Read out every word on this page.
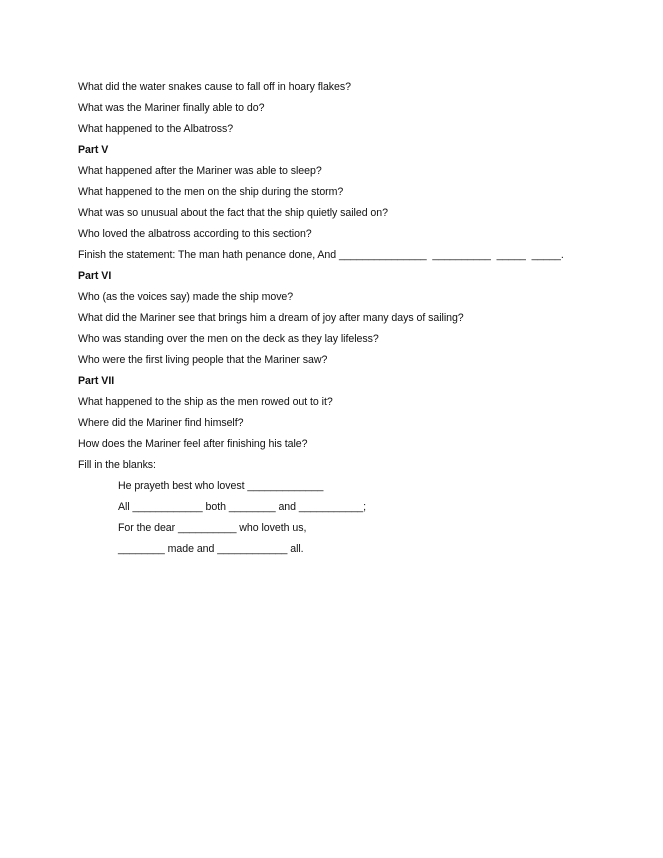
What did the water snakes cause to fall off in hoary flakes?
What was the Mariner finally able to do?
What happened to the Albatross?
Part V
What happened after the Mariner was able to sleep?
What happened to the men on the ship during the storm?
What was so unusual about the fact that the ship quietly sailed on?
Who loved the albatross according to this section?
Finish the statement: The man hath penance done, And _______________  __________  _____  _____.
Part VI
Who (as the voices say) made the ship move?
What did the Mariner see that brings him a dream of joy after many days of sailing?
Who was standing over the men on the deck as they lay lifeless?
Who were the first living people that the Mariner saw?
Part VII
What happened to the ship as the men rowed out to it?
Where did the Mariner find himself?
How does the Mariner feel after finishing his tale?
Fill in the blanks:
He prayeth best who lovest _____________
All ____________ both ________ and ___________;
For the dear __________ who loveth us,
________ made and ____________ all.
